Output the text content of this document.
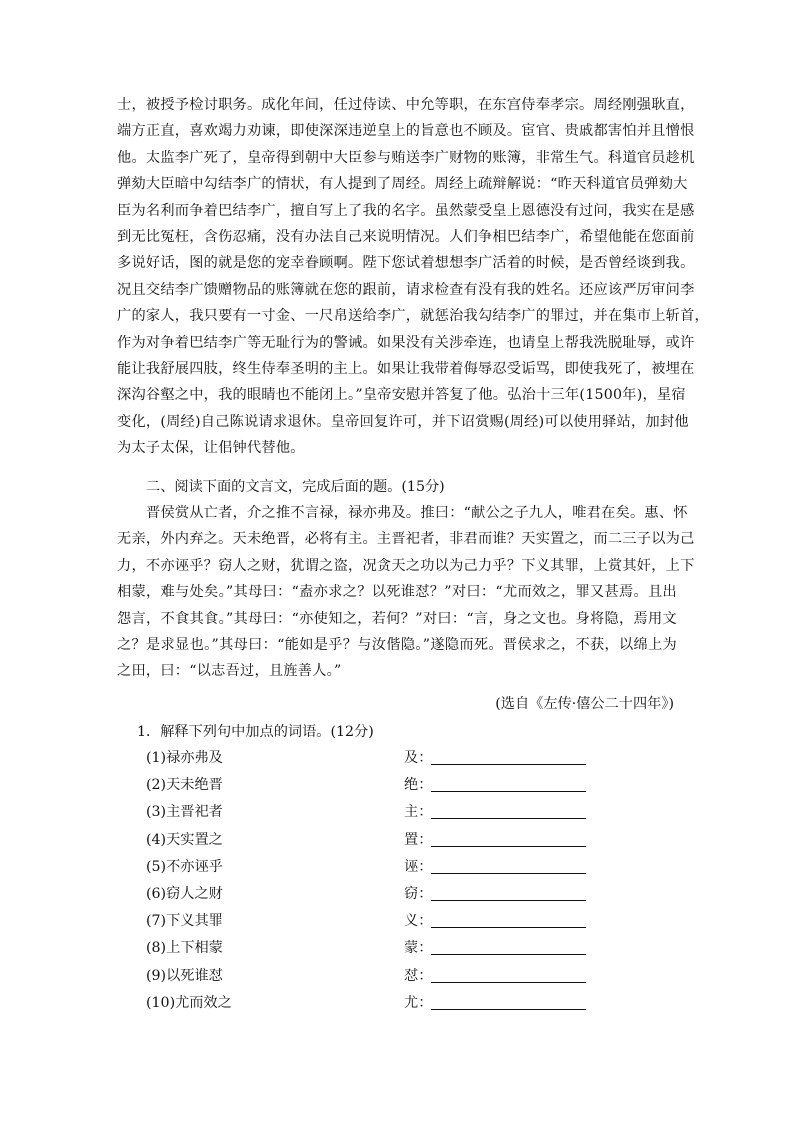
士，被授予检讨职务。成化年间，任过侍读、中允等职，在东宫侍奉孝宗。周经刚强耿直，
端方正直，喜欢竭力劝谏，即使深深违逆皇上的旨意也不顾及。宦官、贵戚都害怕并且憎恨
他。太监李广死了，皇帝得到朝中大臣参与贿送李广财物的账簿，非常生气。科道官员趁机
弹劾大臣暗中勾结李广的情状，有人提到了周经。周经上疏辩解说：“昨天科道官员弹劾大
臣为名利而争着巴结李广，擅自写上了我的名字。虽然蒙受皇上恩德没有过问，我实在是感
到无比冤枉，含伤忍痛，没有办法自己来说明情况。人们争相巴结李广，希望他能在您面前
多说好话，图的就是您的宠幸眷顾啊。陛下您试着想想李广活着的时候，是否曾经谈到我。
况且交结李广馈赠物品的账簿就在您的跟前，请求检查有没有我的姓名。还应该严厉审问李
广的家人，我只要有一寸金、一尺帛送给李广，就惩治我勾结李广的罪过，并在集市上斩首，
作为对争着巴结李广等无耻行为的警诫。如果没有关涉牵连，也请皇上帮我洗脱耻辱，或许
能让我舒展四肢，终生侍奉圣明的主上。如果让我带着侮辱忍受诟骂，即使我死了，被埋在
深沟谷壑之中，我的眼睛也不能闭上。”皇帝安慰并答复了他。弘治十三年(1500年)，星宿
变化，(周经)自己陈说请求退休。皇帝回复许可，并下诏赏赐(周经)可以使用驿站，加封他
为太子太保，让佀钟代替他。
二、阅读下面的文言文，完成后面的题。(15分)
晋侯赏从亡者，介之推不言禄，禄亦弗及。推曰：“献公之子九人，唯君在矣。惠、怀
无亲，外内弃之。天未绝晋，必将有主。主晋祀者，非君而谁？天实置之，而二三子以为己
力，不亦诬乎？窃人之财，犹谓之盗，况贪天之功以为己力乎？下义其罪，上赏其奸，上下
相蒙，难与处矣。”其母曰：“盍亦求之？以死谁怼？”对曰：“尤而效之，罪又甚焉。且出
怨言，不食其食。”其母曰：“亦使知之，若何？”对曰：“言，身之文也。身将隐，焉用文
之？是求显也。”其母曰：“能如是乎？与汝偕隐。”遂隐而死。晋侯求之，不获，以绵上为
之田，曰：“以志吾过，且旌善人。”
(选自《左传·僖公二十四年》)
1．解释下列句中加点的词语。(12分)
(1)禄亦弗及	及：
(2)天未绝晋	绝：
(3)主晋祀者	主：
(4)天实置之	置：
(5)不亦诬乎	诬：
(6)窃人之财	窃：
(7)下义其罪	义：
(8)上下相蒙	蒙：
(9)以死谁怼	怼：
(10)尤而效之	尤：
